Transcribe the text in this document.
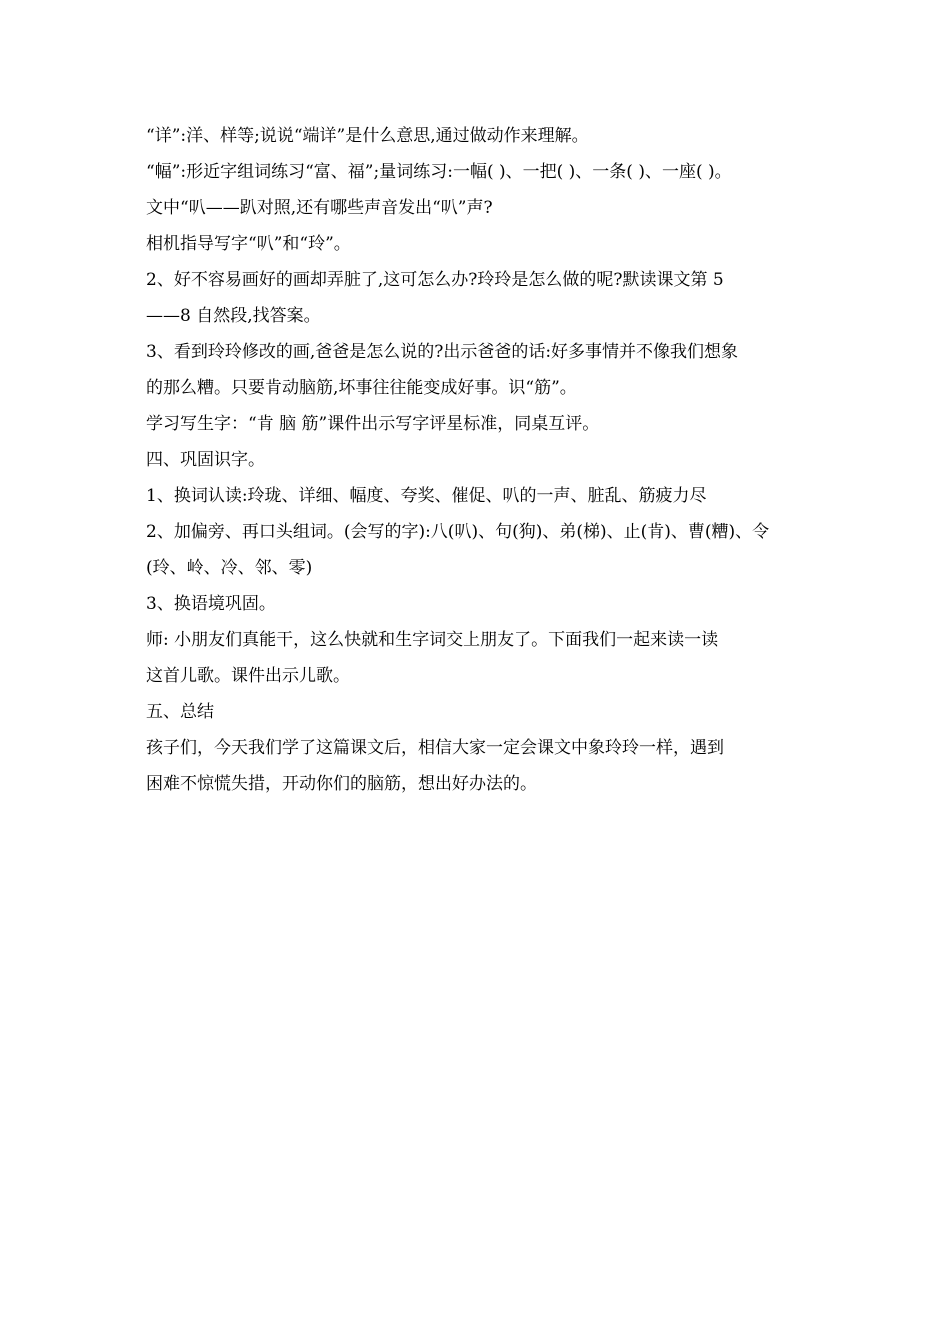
“详”:洋、样等;说说“端详”是什么意思,通过做动作来理解。
“幅”:形近字组词练习“富、福”;量词练习:一幅( )、一把( )、一条( )、一座( )。
文中“叭——趴对照,还有哪些声音发出“叭”声?
相机指导写字“叭”和“玲”。
2、好不容易画好的画却弄脏了,这可怎么办?玲玲是怎么做的呢?默读课文第 5
——8 自然段,找答案。
3、看到玲玲修改的画,爸爸是怎么说的?出示爸爸的话:好多事情并不像我们想象
的那么糟。只要肯动脑筋,坏事往往能变成好事。识“筋”。
学习写生字：“肯 脑 筋”课件出示写字评星标准，同桌互评。
四、巩固识字。
1、换词认读:玲珑、详细、幅度、夸奖、催促、叭的一声、脏乱、筋疲力尽
2、加偏旁、再口头组词。(会写的字):八(叭)、句(狗)、弟(梯)、止(肯)、曹(糟)、令
(玲、岭、冷、邻、零)
3、换语境巩固。
师: 小朋友们真能干，这么快就和生字词交上朋友了。下面我们一起来读一读
这首儿歌。课件出示儿歌。
五、总结
孩子们，今天我们学了这篇课文后，相信大家一定会课文中象玲玲一样，遇到
困难不惊慌失措，开动你们的脑筋，想出好办法的。
